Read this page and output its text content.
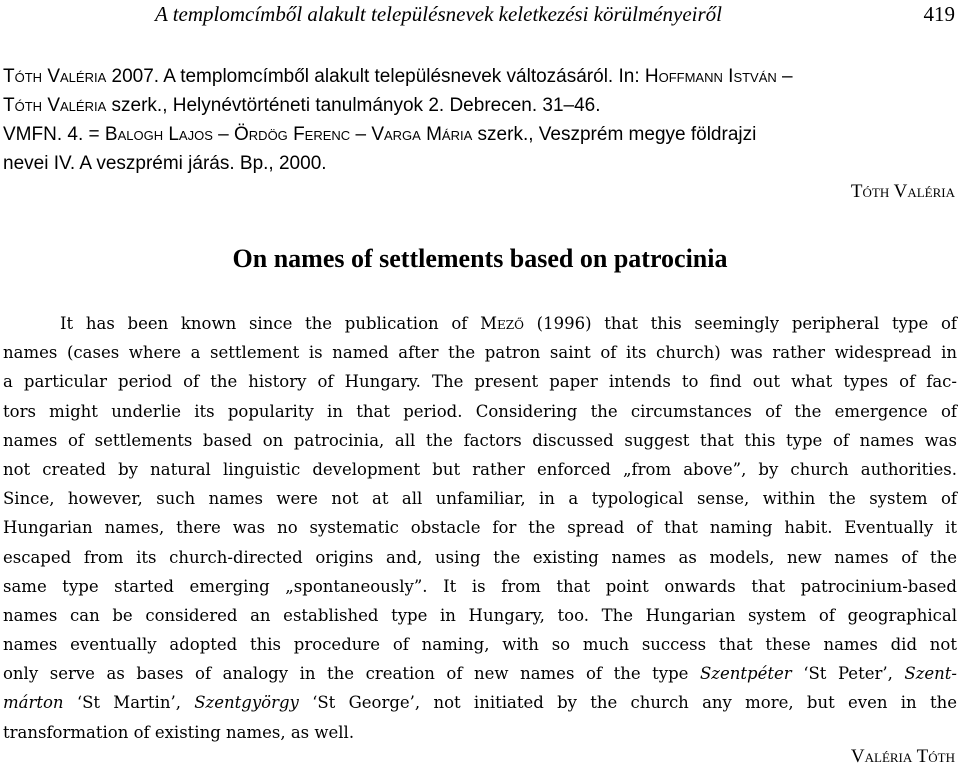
A templomcímből alakult településnevek keletkezési körülményeiről	419
Tóth Valéria 2007. A templomcímből alakult településnevek változásáról. In: Hoffmann István –
Tóth Valéria szerk., Helynévtörténeti tanulmányok 2. Debrecen. 31–46.
VMFN. 4. = Balogh Lajos – Ördög Ferenc – Varga Mária szerk., Veszprém megye földrajzi
nevei IV. A veszprémi járás. Bp., 2000.
Tóth Valéria
On names of settlements based on patrocinia
It has been known since the publication of Mező (1996) that this seemingly peripheral type of
names (cases where a settlement is named after the patron saint of its church) was rather widespread in
a particular period of the history of Hungary. The present paper intends to find out what types of fac-
tors might underlie its popularity in that period. Considering the circumstances of the emergence of
names of settlements based on patrocinia, all the factors discussed suggest that this type of names was
not created by natural linguistic development but rather enforced „from above”, by church authorities.
Since, however, such names were not at all unfamiliar, in a typological sense, within the system of
Hungarian names, there was no systematic obstacle for the spread of that naming habit. Eventually it
escaped from its church-directed origins and, using the existing names as models, new names of the
same type started emerging „spontaneously”. It is from that point onwards that patrocinium-based
names can be considered an established type in Hungary, too. The Hungarian system of geographical
names eventually adopted this procedure of naming, with so much success that these names did not
only serve as bases of analogy in the creation of new names of the type Szentpéter ‘St Peter’, Szent-
márton ‘St Martin’, Szentgyörgy ‘St George’, not initiated by the church any more, but even in the
transformation of existing names, as well.
Valéria Tóth
